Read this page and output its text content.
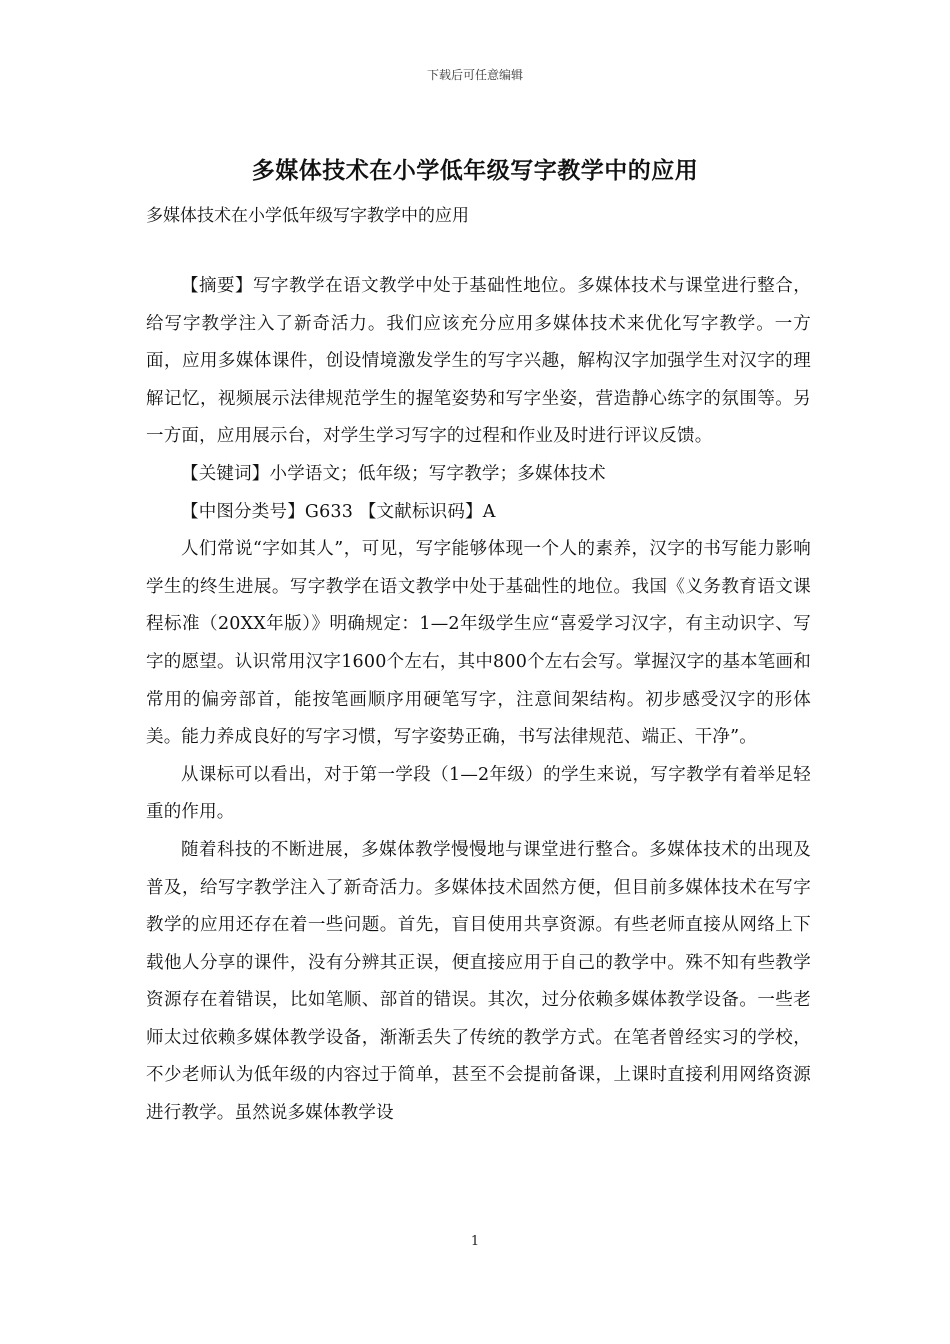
下载后可任意编辑
多媒体技术在小学低年级写字教学中的应用
多媒体技术在小学低年级写字教学中的应用

【摘要】写字教学在语文教学中处于基础性地位。多媒体技术与课堂进行整合，给写字教学注入了新奇活力。我们应该充分应用多媒体技术来优化写字教学。一方面，应用多媒体课件，创设情境激发学生的写字兴趣，解构汉字加强学生对汉字的理解记忆，视频展示法律规范学生的握笔姿势和写字坐姿，营造静心练字的氛围等。另一方面，应用展示台，对学生学习写字的过程和作业及时进行评议反馈。

【关键词】小学语文；低年级；写字教学；多媒体技术

【中图分类号】G633 【文献标识码】A

人们常说“字如其人”，可见，写字能够体现一个人的素养，汉字的书写能力影响学生的终生进展。写字教学在语文教学中处于基础性的地位。我国《义务教育语文课程标准（20XX年版）》明确规定：1—2年级学生应“喜爱学习汉字，有主动识字、写字的愿望。认识常用汉字1600个左右，其中800个左右会写。掌握汉字的基本笔画和常用的偏旁部首，能按笔画顺序用硬笔写字，注意间架结构。初步感受汉字的形体美。能力养成良好的写字习惯，写字姿势正确，书写法律规范、端正、干净”。

从课标可以看出，对于第一学段（1—2年级）的学生来说，写字教学有着举足轻重的作用。

随着科技的不断进展，多媒体教学慢慢地与课堂进行整合。多媒体技术的出现及普及，给写字教学注入了新奇活力。多媒体技术固然方便，但目前多媒体技术在写字教学的应用还存在着一些问题。首先，盲目使用共享资源。有些老师直接从网络上下载他人分享的课件，没有分辨其正误，便直接应用于自己的教学中。殊不知有些教学资源存在着错误，比如笔顺、部首的错误。其次，过分依赖多媒体教学设备。一些老师太过依赖多媒体教学设备，渐渐丢失了传统的教学方式。在笔者曾经实习的学校，不少老师认为低年级的内容过于简单，甚至不会提前备课，上课时直接利用网络资源进行教学。虽然说多媒体教学设

1
